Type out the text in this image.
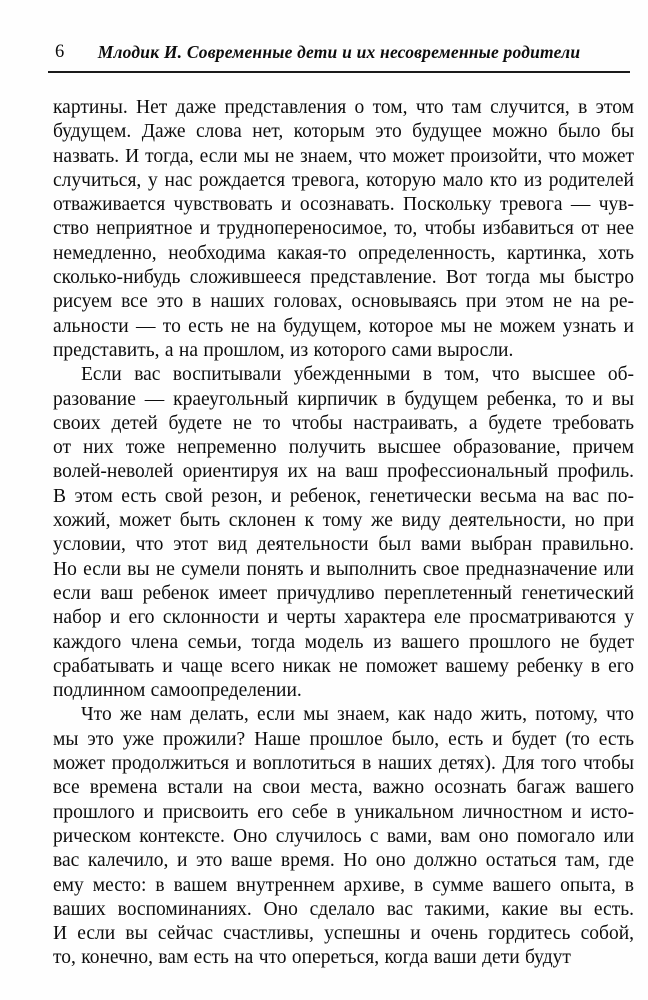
6	Млодик И. Современные дети и их несовременные родители
картины. Нет даже представления о том, что там случится, в этом
будущем. Даже слова нет, которым это будущее можно было бы
назвать. И тогда, если мы не знаем, что может произойти, что может
случиться, у нас рождается тревога, которую мало кто из родителей
отваживается чувствовать и осознавать. Поскольку тревога — чув-
ство неприятное и труднопереносимое, то, чтобы избавиться от нее
немедленно, необходима какая-то определенность, картинка, хоть
сколько-нибудь сложившееся представление. Вот тогда мы быстро
рисуем все это в наших головах, основываясь при этом не на ре-
альности — то есть не на будущем, которое мы не можем узнать и
представить, а на прошлом, из которого сами выросли.
Если вас воспитывали убежденными в том, что высшее об-
разование — краеугольный кирпичик в будущем ребенка, то и вы
своих детей будете не то чтобы настраивать, а будете требовать
от них тоже непременно получить высшее образование, причем
волей-неволей ориентируя их на ваш профессиональный профиль.
В этом есть свой резон, и ребенок, генетически весьма на вас по-
хожий, может быть склонен к тому же виду деятельности, но при
условии, что этот вид деятельности был вами выбран правильно.
Но если вы не сумели понять и выполнить свое предназначение или
если ваш ребенок имеет причудливо переплетенный генетический
набор и его склонности и черты характера еле просматриваются у
каждого члена семьи, тогда модель из вашего прошлого не будет
срабатывать и чаще всего никак не поможет вашему ребенку в его
подлинном самоопределении.
Что же нам делать, если мы знаем, как надо жить, потому, что
мы это уже прожили? Наше прошлое было, есть и будет (то есть
может продолжиться и воплотиться в наших детях). Для того чтобы
все времена встали на свои места, важно осознать багаж вашего
прошлого и присвоить его себе в уникальном личностном и исто-
рическом контексте. Оно случилось с вами, вам оно помогало или
вас калечило, и это ваше время. Но оно должно остаться там, где
ему место: в вашем внутреннем архиве, в сумме вашего опыта, в
ваших воспоминаниях. Оно сделало вас такими, какие вы есть.
И если вы сейчас счастливы, успешны и очень гордитесь собой,
то, конечно, вам есть на что опереться, когда ваши дети будут
